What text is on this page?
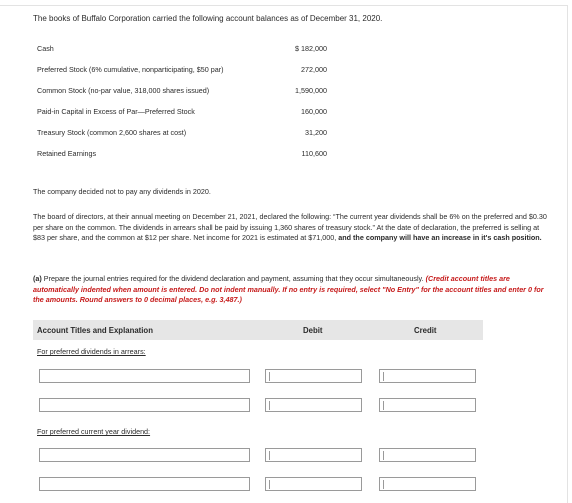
The books of Buffalo Corporation carried the following account balances as of December 31, 2020.
Cash	$ 182,000
Preferred Stock (6% cumulative, nonparticipating, $50 par)	272,000
Common Stock (no-par value, 318,000 shares issued)	1,590,000
Paid-in Capital in Excess of Par—Preferred Stock	160,000
Treasury Stock (common 2,600 shares at cost)	31,200
Retained Earnings	110,600
The company decided not to pay any dividends in 2020.
The board of directors, at their annual meeting on December 21, 2021, declared the following: “The current year dividends shall be 6% on the preferred and $0.30 per share on the common. The dividends in arrears shall be paid by issuing 1,360 shares of treasury stock.” At the date of declaration, the preferred is selling at $83 per share, and the common at $12 per share. Net income for 2021 is estimated at $71,000, and the company will have an increase in it's cash position.
(a) Prepare the journal entries required for the dividend declaration and payment, assuming that they occur simultaneously. (Credit account titles are automatically indented when amount is entered. Do not indent manually. If no entry is required, select "No Entry" for the account titles and enter 0 for the amounts. Round answers to 0 decimal places, e.g. 3,487.)
Account Titles and Explanation	Debit	Credit
For preferred dividends in arrears:
For preferred current year dividend:
